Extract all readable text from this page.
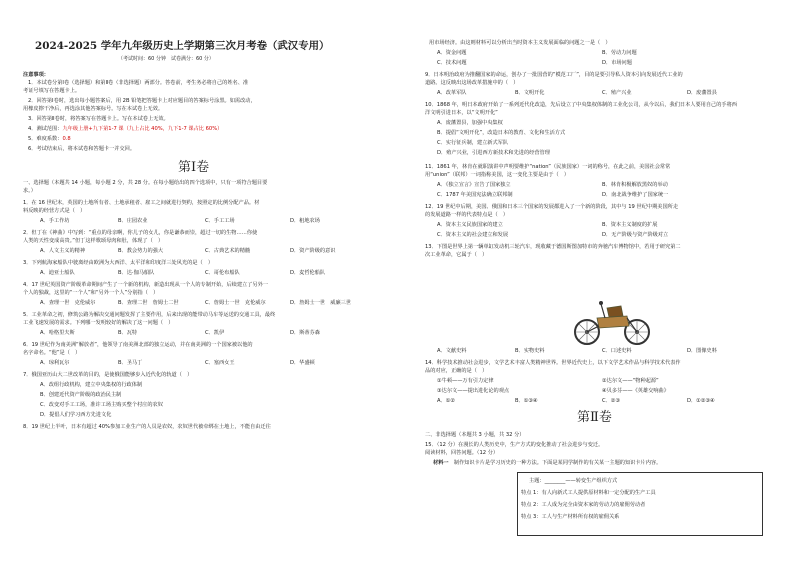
2024-2025 学年九年级历史上学期第三次月考卷（武汉专用）
（考试时间：60 分钟　试卷满分：60 分）
注意事项：
1．本试卷分第Ⅰ卷（选择题）和第Ⅱ卷（非选择题）两部分。答卷前，考生务必将自己的姓名、准
考证号填写在答题卡上。
2．回答第Ⅰ卷时，选出每小题答案后，用 2B 铅笔把答题卡上对应题目的答案标号涂黑。如需改动，
用橡皮擦干净后，再选涂其他答案标号。写在本试卷上无效。
3．回答第Ⅱ卷时，将答案写在答题卡上。写在本试卷上无效。
4．测试范围：九年级上册+九下第1-7 课（九上占比 40%，九下1-7 课占比 60%）
5．难度系数：0.8
6．考试结束后，将本试卷和答题卡一并交回。
第Ⅰ卷
一、选择题（本题共 14 小题，每小题 2 分，共 28 分。在每小题给出的四个选项中，只有一项符合题目要
求。）
1．在 16 世纪末，英国的土地所有者、土地承租者、雇工之间就进行契约，按照定的比例分配产品。材
料反映的经营方式是（　）
A．手工作坊	B．庄园农业	C．手工工场	D．租地农场
2．但丁在《神曲》中写到：“重点的母亲啊，你儿子的女儿，你是谦恭而崇，超过一切的生物……你使
人类的天性变成高贵。”但丁这样歌颂母肉和肚，体现了（　）
A．人文主义的精神	B．教会势力的强大	C．古典艺术的精髓	D．资产阶级的意识
3．下列航海家船队中驶离经由欧洲为大西洋、太平洋和印度洋三处风光的是（　）
A．迪亚士船队	B．达·伽马船队	C．哥伦布船队	D．麦哲伦船队
4．17 世纪英国资产阶级革命期间产生了一个新的机构，新造出现从一个人的专制开始，后续建立了另外一
个人的独裁，这里的“一个人”和“另外一个人”分别指（　）
A．查理一世　克伦威尔	B．查理二世　詹姆士二世	C．詹姆士一世　克伦威尔	D．詹姆士一世　威廉三世
5．工业革命之初，修筑公路为解决交通问题发挥了主要作用，后来出现的能带动马车等运送的交通工具，最终
工业飞速发展的需求。下列哪一发明较好的解决了这一问题（　）
A．哈格里夫斯	B．瓦特	C．凯伊	D．斯蒂芬森
6．19 世纪作为南美洲“解放者”，他领导了南美洲北部的独立运动，并在南美洲的一个国家被以他的
名字命名。“他”是（　）
A．琼利瓦尔	B．圣马丁	C．塞西女王	D．华盛顿
7．俄国亚历山大二世改革的目的，是使俄国能够步入近代化的轨道（　）
A．改组行政机构，建立中央集权的行政体制
B．创建近代资产阶级的政治民主制
C．改变对手工工场，准许工场主购买整个村庄的农奴
D．提倡人们学习西方先进文化
8．19 世纪上半叶，日本有超过 40%参加工业生产的人员是农奴，农奴世代被牵绑在土地上，不能自由迁往
用市场经济。由这则材料可以分析出当时资本主义发展面临的问题之一是（　）
A．资金问题	B．劳动力问题
C．技术问题	D．市场问题
9．日本明治政府为推翻国家的命运，创办了一批国营的“模范工厂”，目的是要引导私人资本引向发展近代工业的
道路。这反映出这场改革措施中的（　）
A．改革军队	B．文明开化	C．殖产兴业	D．废藩置县
10．1868 年，明日本政府开始了一系列近代化改造，先后设立了中央集权体制的工业化公司，从今以后，我们日本人要用自己的手将西
洋文明引进日本，以“文明开化”
A．废藩置县，加强中央集权
B．提倡“文明开化”，改造日本的教育、文化和生活方式
C．实行征兵制，建立新式军队
D．殖产兴业，引进西方新技术和先进的经营管理
11．1861 年，林肯在就职演讲中声明要维护“nation”（民族国家）一词的称号，在此之前，美国社会常常
用“union”（联邦）一词指称美国，这一变化主要是由于（　）
A．《独立宣言》宣告了国家独立	B．林肯积极解放黑奴的举动
C．1787 年美国宪法确立联邦制	D．南北战争维护了国家统一
12．19 世纪中后期，美国、俄国和日本三个国家的发展都进入了一个新的阶段，其中与 19 世纪中期美国所走
的发展道路一样的代表特点是（　）
A．资本主义民族国家的建立	B．资本主义制度的扩展
C．资本主义的社会建立和发展	D．无产阶级与资产阶级对立
13．下图是世界上第一辆单缸发动机三轮汽车，现收藏于德国斯图加特市的奔驰汽车博物馆中，若用于研究第二
次工业革命，它属于（　）
A．文献史料	B．实物史料	C．口述史料	D．图像史料
14．科学技术推动社会进步，文学艺术丰富人类精神世界。世界近代史上，以下文学艺术作品与科学技术代表作
品的对应，正确的是（　）
①牛顿——万有引力定律	②达尔文——“物种起源”
③达尔文——提出进化论的观点	④贝多芬——《英雄交响曲》
A．①②	B．①③④	C．②③	D．①②③④
第Ⅱ卷
二、非选择题（本题共 3 小题，共 32 分）
15．（12 分）在漫长的人类历史中，生产方式的变化推动了社会进步与变迁。
阅读材料，回答问题。（12 分）
材料一　 制作知识卡片是学习历史的一种方法。下面是某同学制作的有关某一主题的知识卡片内容。
主题：________——转变生产组织方式
特点 1：有人向新式工人提供原材料和一定分配的生产工具
特点 2：工人成为完全由资本家的劳动力的雇佣劳动者
特点 3：工人与生产材料所有权的雇佣关系
